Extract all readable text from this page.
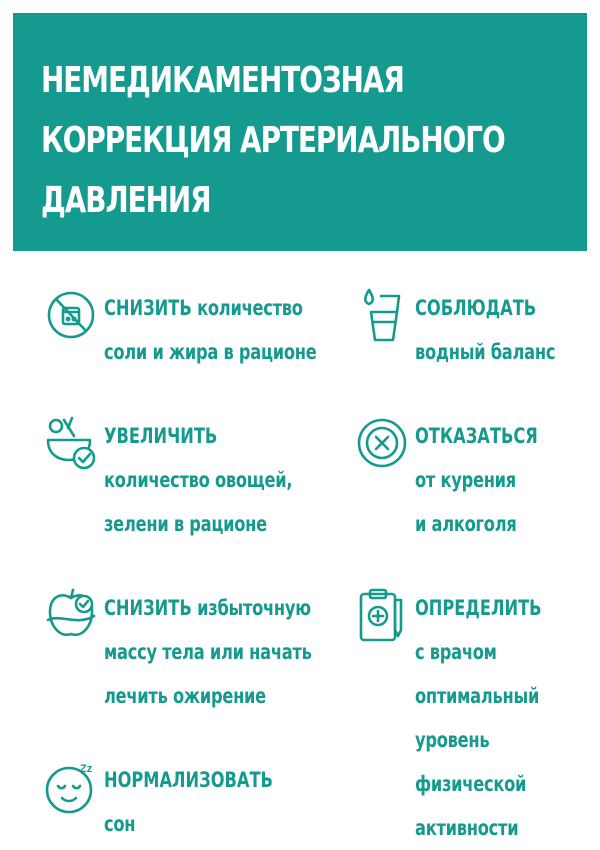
НЕМЕДИКАМЕНТОЗНАЯ
КОРРЕКЦИЯ АРТЕРИАЛЬНОГО
ДАВЛЕНИЯ
СНИЗИТЬ количество
соли и жира в рационе
СОБЛЮДАТЬ
водный баланс
УВЕЛИЧИТЬ
количество овощей,
зелени в рационе
ОТКАЗАТЬСЯ
от курения
и алкоголя
СНИЗИТЬ избыточную
массу тела или начать
лечить ожирение
ОПРЕДЕЛИТЬ
с врачом
оптимальный
уровень
физической
активности
Zz НОРМАЛИЗОВАТЬ
сон
